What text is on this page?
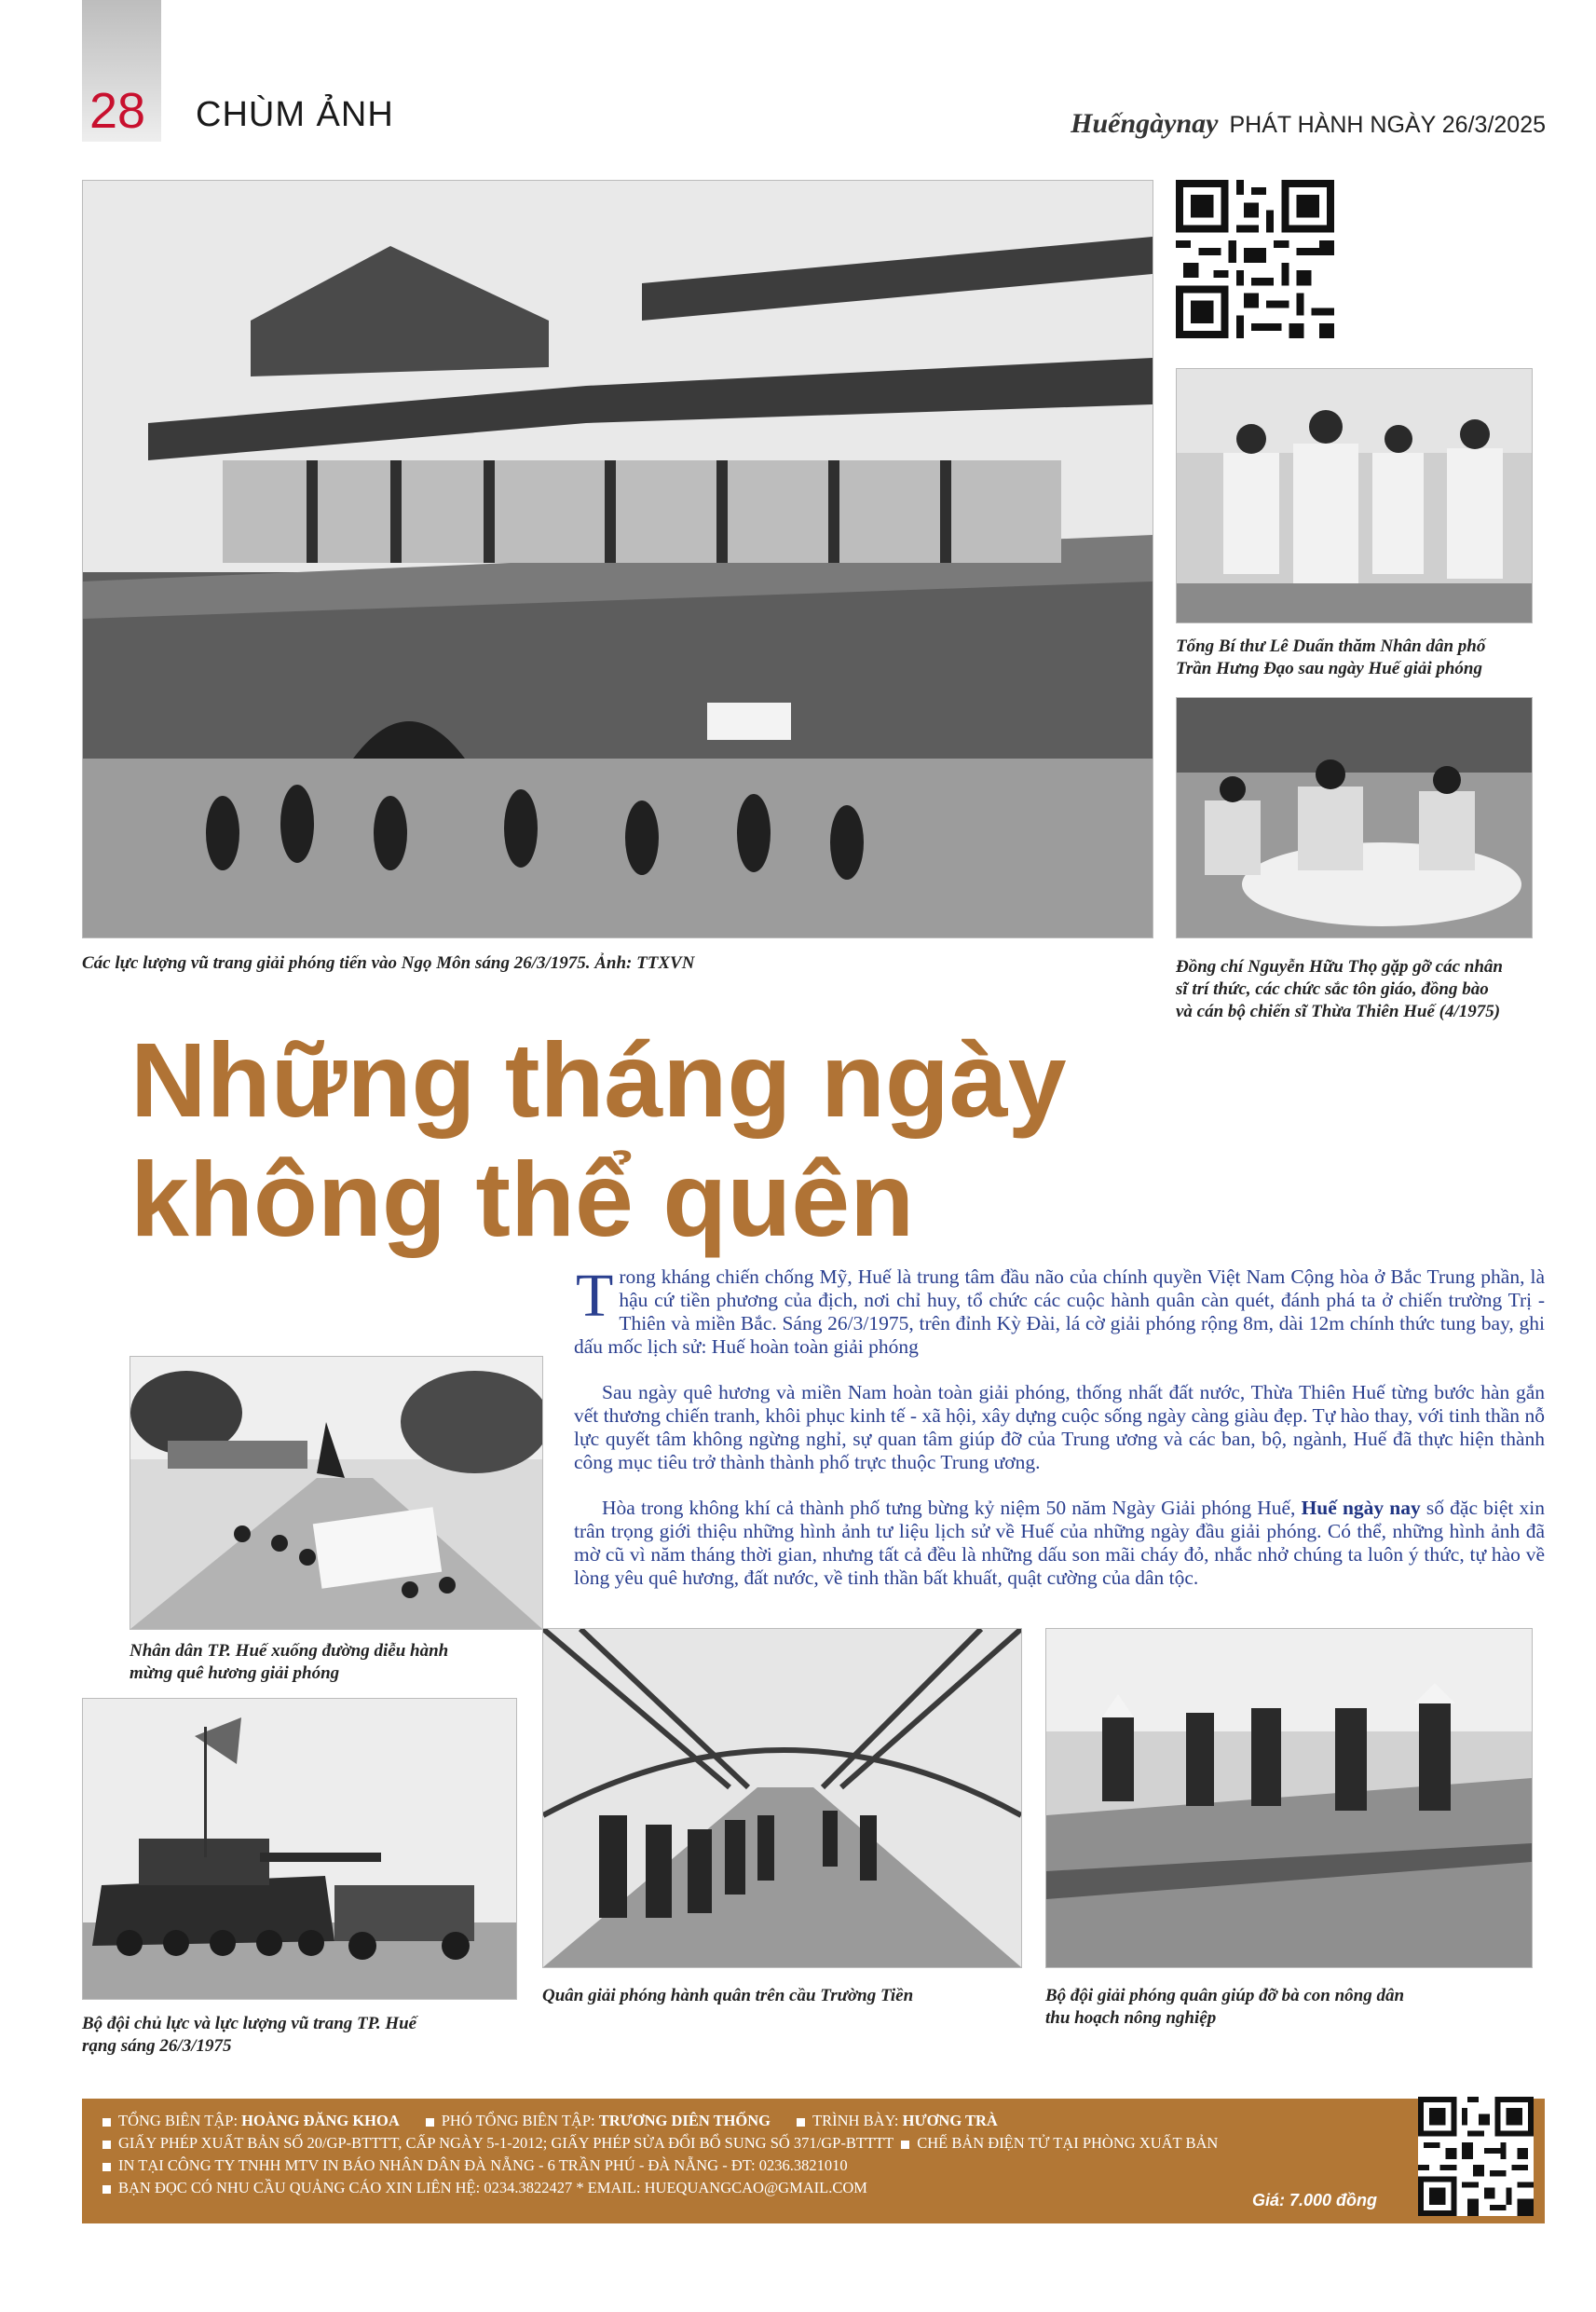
28 CHÙM ẢNH	Huếngàynay PHÁT HÀNH NGÀY 26/3/2025
Tổng Bí thư Lê Duẩn thăm Nhân dân phố
Trần Hưng Đạo sau ngày Huế giải phóng
Đồng chí Nguyễn Hữu Thọ gặp gỡ các nhân
sĩ trí thức, các chức sắc tôn giáo, đồng bào
và cán bộ chiến sĩ Thừa Thiên Huế (4/1975)
Các lực lượng vũ trang giải phóng tiến vào Ngọ Môn sáng 26/3/1975. Ảnh: TTXVN
Những tháng ngày
không thể quên

Trong kháng chiến chống Mỹ, Huế là trung tâm đầu não của chính quyền Việt Nam Cộng hòa ở Bắc Trung phần, là hậu cứ tiền phương của địch, nơi chỉ huy, tổ chức các cuộc hành quân càn quét, đánh phá ta ở chiến trường Trị - Thiên và miền Bắc. Sáng 26/3/1975, trên đỉnh Kỳ Đài, lá cờ giải phóng rộng 8m, dài 12m chính thức tung bay, ghi dấu mốc lịch sử: Huế hoàn toàn giải phóng

Sau ngày quê hương và miền Nam hoàn toàn giải phóng, thống nhất đất nước, Thừa Thiên Huế từng bước hàn gắn vết thương chiến tranh, khôi phục kinh tế - xã hội, xây dựng cuộc sống ngày càng giàu đẹp. Tự hào thay, với tinh thần nỗ lực quyết tâm không ngừng nghỉ, sự quan tâm giúp đỡ của Trung ương và các ban, bộ, ngành, Huế đã thực hiện thành công mục tiêu trở thành thành phố trực thuộc Trung ương.

Hòa trong không khí cả thành phố tưng bừng kỷ niệm 50 năm Ngày Giải phóng Huế, Huế ngày nay số đặc biệt xin trân trọng giới thiệu những hình ảnh tư liệu lịch sử về Huế của những ngày đầu giải phóng. Có thể, những hình ảnh đã mờ cũ vì năm tháng thời gian, nhưng tất cả đều là những dấu son mãi cháy đỏ, nhắc nhở chúng ta luôn ý thức, tự hào về lòng yêu quê hương, đất nước, về tinh thần bất khuất, quật cường của dân tộc.

Nhân dân TP. Huế xuống đường diễu hành
mừng quê hương giải phóng
Bộ đội chủ lực và lực lượng vũ trang TP. Huế
rạng sáng 26/3/1975
Quân giải phóng hành quân trên cầu Trường Tiền	Bộ đội giải phóng quân giúp đỡ bà con nông dân
thu hoạch nông nghiệp
TỔNG BIÊN TẬP: HOÀNG ĐĂNG KHOA	PHÓ TỔNG BIÊN TẬP: TRƯƠNG DIÊN THỐNG	TRÌNH BÀY: HƯƠNG TRÀ
GIẤY PHÉP XUẤT BẢN SỐ 20/GP-BTTTT, CẤP NGÀY 5-1-2012; GIẤY PHÉP SỬA ĐỔI BỔ SUNG SỐ 371/GP-BTTTT	CHẾ BẢN ĐIỆN TỬ TẠI PHÒNG XUẤT BẢN
IN TẠI CÔNG TY TNHH MTV IN BÁO NHÂN DÂN ĐÀ NẴNG - 6 TRẦN PHÚ - ĐÀ NẴNG - ĐT: 0236.3821010
BẠN ĐỌC CÓ NHU CẦU QUẢNG CÁO XIN LIÊN HỆ: 0234.3822427 * EMAIL: HUEQUANGCAO@GMAIL.COM
Giá: 7.000 đồng
